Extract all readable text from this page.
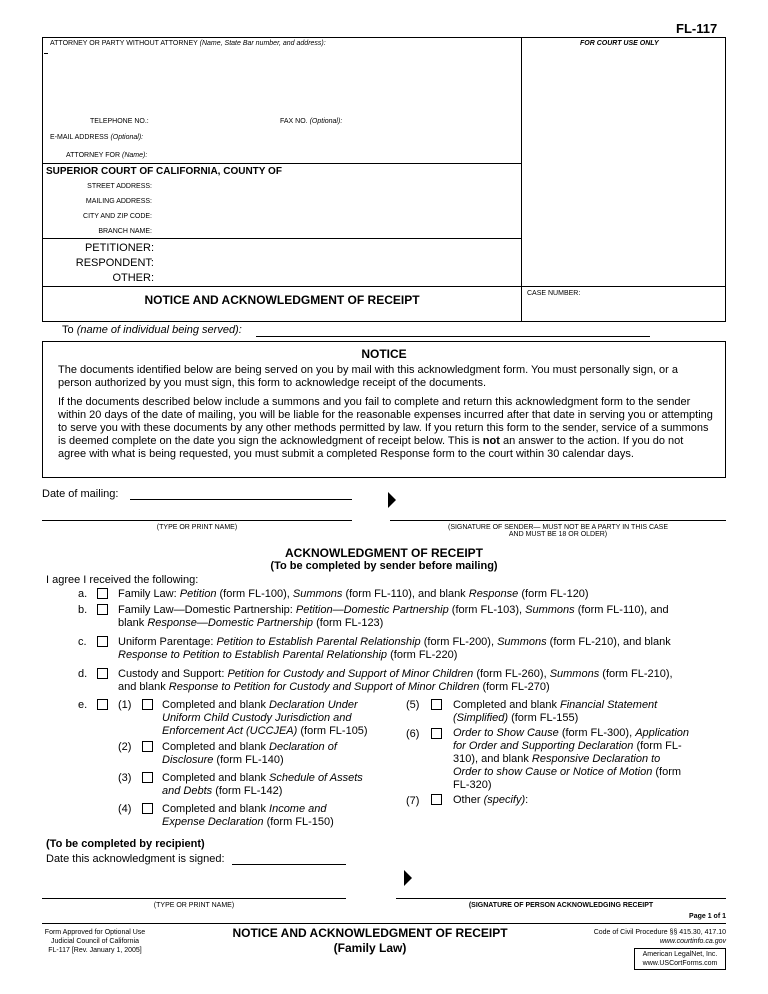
FL-117
ATTORNEY OR PARTY WITHOUT ATTORNEY (Name, State Bar number, and address):	FOR COURT USE ONLY
TELEPHONE NO.:	FAX NO. (Optional):
E-MAIL ADDRESS (Optional):
ATTORNEY FOR (Name):
SUPERIOR COURT OF CALIFORNIA, COUNTY OF
STREET ADDRESS:
MAILING ADDRESS:
CITY AND ZIP CODE:
BRANCH NAME:
PETITIONER:
RESPONDENT:
OTHER:
NOTICE AND ACKNOWLEDGMENT OF RECEIPT	CASE NUMBER:
To (name of individual being served):
NOTICE
The documents identified below are being served on you by mail with this acknowledgment form. You must personally sign, or a person authorized by you must sign, this form to acknowledge receipt of the documents.
If the documents described below include a summons and you fail to complete and return this acknowledgment form to the sender within 20 days of the date of mailing, you will be liable for the reasonable expenses incurred after that date in serving you or attempting to serve you with these documents by any other methods permitted by law. If you return this form to the sender, service of a summons is deemed complete on the date you sign the acknowledgment of receipt below. This is not an answer to the action. If you do not agree with what is being requested, you must submit a completed Response form to the court within 30 calendar days.
Date of mailing:
(TYPE OR PRINT NAME)	(SIGNATURE OF SENDER— MUST NOT BE A PARTY IN THIS CASE
AND MUST BE 18 OR OLDER)
ACKNOWLEDGMENT OF RECEIPT
(To be completed by sender before mailing)
I agree I received the following:
a.	Family Law: Petition (form FL-100), Summons (form FL-110), and blank Response (form FL-120)
b.	Family Law—Domestic Partnership: Petition—Domestic Partnership (form FL-103), Summons (form FL-110), and
blank Response—Domestic Partnership (form FL-123)
c.	Uniform Parentage: Petition to Establish Parental Relationship (form FL-200), Summons (form FL-210), and blank
Response to Petition to Establish Parental Relationship (form FL-220)
d.	Custody and Support: Petition for Custody and Support of Minor Children (form FL-260), Summons (form FL-210),
and blank Response to Petition for Custody and Support of Minor Children (form FL-270)
e.	(1)	Completed and blank Declaration Under
Uniform Child Custody Jurisdiction and
Enforcement Act (UCCJEA) (form FL-105)
(2)	Completed and blank Declaration of
Disclosure (form FL-140)
(3)	Completed and blank Schedule of Assets
and Debts (form FL-142)
(4)	Completed and blank Income and
Expense Declaration (form FL-150)
(5)	Completed and blank Financial Statement
(Simplified) (form FL-155)
(6)	Order to Show Cause (form FL-300), Application
for Order and Supporting Declaration (form FL-
310), and blank Responsive Declaration to
Order to show Cause or Notice of Motion (form
FL-320)
(7)	Other (specify):
(To be completed by recipient)
Date this acknowledgment is signed:
(TYPE OR PRINT NAME)	(SIGNATURE OF PERSON ACKNOWLEDGING RECEIPT
Page 1 of 1
Form Approved for Optional Use
Judicial Council of California
FL-117 [Rev. January 1, 2005]
NOTICE AND ACKNOWLEDGMENT OF RECEIPT
(Family Law)
Code of Civil Procedure §§ 415.30, 417.10
www.courtinfo.ca.gov
American LegalNet, Inc.
www.USCortForms.com
